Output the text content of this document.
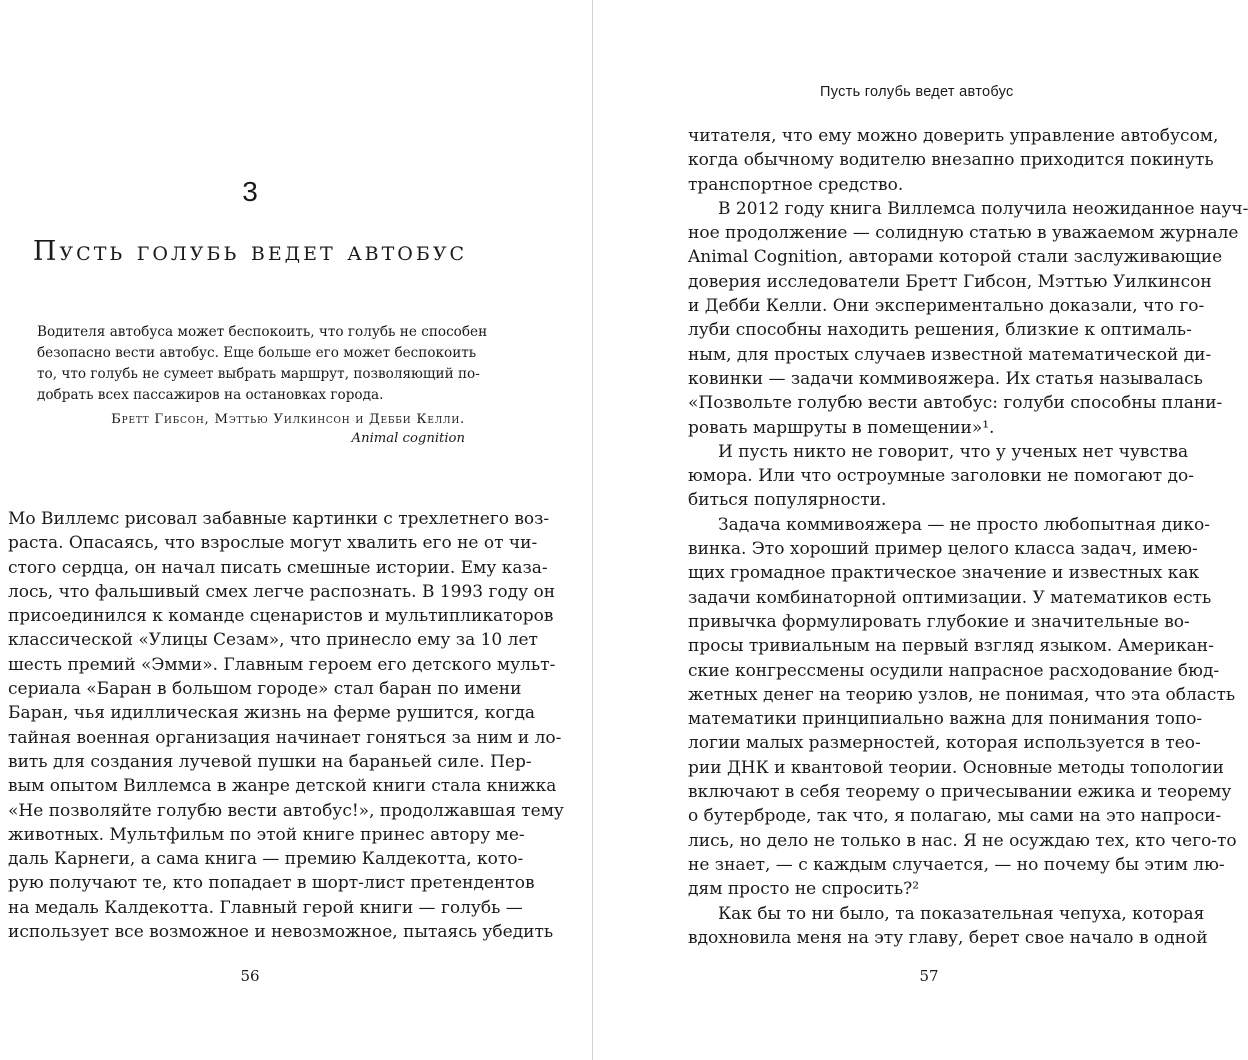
3
Пусть голубь ведет автобус
Водителя автобуса может беспокоить, что голубь не способен
безопасно вести автобус. Еще больше его может беспокоить
то, что голубь не сумеет выбрать маршрут, позволяющий по-
добрать всех пассажиров на остановках города.
Бретт Гибсон, Мэттью Уилкинсон и Дебби Келли.
Animal cognition
Мо Виллемс рисовал забавные картинки с трехлетнего воз-
раста. Опасаясь, что взрослые могут хвалить его не от чи-
стого сердца, он начал писать смешные истории. Ему каза-
лось, что фальшивый смех легче распознать. В 1993 году он
присоединился к команде сценаристов и мультипликаторов
классической «Улицы Сезам», что принесло ему за 10 лет
шесть премий «Эмми». Главным героем его детского мульт-
сериала «Баран в большом городе» стал баран по имени
Баран, чья идиллическая жизнь на ферме рушится, когда
тайная военная организация начинает гоняться за ним и ло-
вить для создания лучевой пушки на бараньей силе. Пер-
вым опытом Виллемса в жанре детской книги стала книжка
«Не позволяйте голубю вести автобус!», продолжавшая тему
животных. Мультфильм по этой книге принес автору ме-
даль Карнеги, а сама книга — премию Калдекотта, кото-
рую получают те, кто попадает в шорт-лист претендентов
на медаль Калдекотта. Главный герой книги — голубь —
использует все возможное и невозможное, пытаясь убедить
56
Пусть голубь ведет автобус
читателя, что ему можно доверить управление автобусом,
когда обычному водителю внезапно приходится покинуть
транспортное средство.
В 2012 году книга Виллемса получила неожиданное науч-
ное продолжение — солидную статью в уважаемом журнале
Animal Cognition, авторами которой стали заслуживающие
доверия исследователи Бретт Гибсон, Мэттью Уилкинсон
и Дебби Келли. Они экспериментально доказали, что го-
луби способны находить решения, близкие к оптималь-
ным, для простых случаев известной математической ди-
ковинки — задачи коммивояжера. Их статья называлась
«Позвольте голубю вести автобус: голуби способны плани-
ровать маршруты в помещении»¹.
И пусть никто не говорит, что у ученых нет чувства
юмора. Или что остроумные заголовки не помогают до-
биться популярности.
Задача коммивояжера — не просто любопытная дико-
винка. Это хороший пример целого класса задач, имею-
щих громадное практическое значение и известных как
задачи комбинаторной оптимизации. У математиков есть
привычка формулировать глубокие и значительные во-
просы тривиальным на первый взгляд языком. Американ-
ские конгрессмены осудили напрасное расходование бюд-
жетных денег на теорию узлов, не понимая, что эта область
математики принципиально важна для понимания топо-
логии малых размерностей, которая используется в тео-
рии ДНК и квантовой теории. Основные методы топологии
включают в себя теорему о причесывании ежика и теорему
о бутерброде, так что, я полагаю, мы сами на это напроси-
лись, но дело не только в нас. Я не осуждаю тех, кто чего-то
не знает, — с каждым случается, — но почему бы этим лю-
дям просто не спросить?²
Как бы то ни было, та показательная чепуха, которая
вдохновила меня на эту главу, берет свое начало в одной
57
